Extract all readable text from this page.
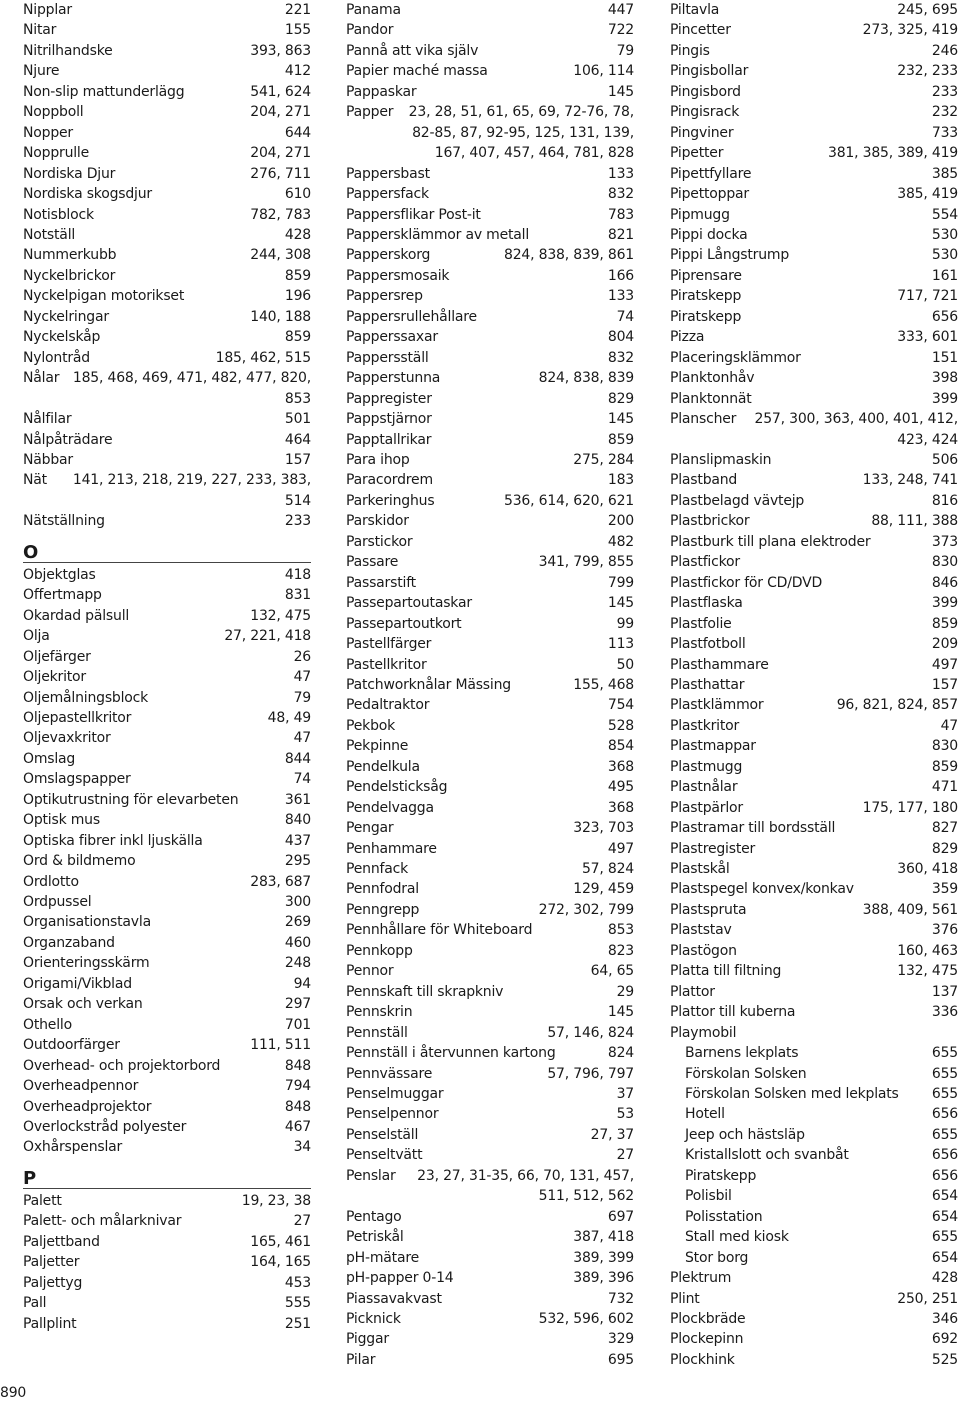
Nipplar	221
Nitar	155
Nitrilhandske	393, 863
Njure	412
Non-slip mattunderlägg	541, 624
Noppboll	204, 271
Nopper	644
Nopprulle	204, 271
Nordiska Djur	276, 711
Nordiska skogsdjur	610
Notisblock	782, 783
Notställ	428
Nummerkubb	244, 308
Nyckelbrickor	859
Nyckelpigan motorikset	196
Nyckelringar	140, 188
Nyckelskåp	859
Nylontråd	185, 462, 515
Nålar 185, 468, 469, 471, 482, 477, 820, 853
Nålfilar	501
Nålpåträdare	464
Näbbar	157
Nät	141, 213, 218, 219, 227, 233, 383, 514
Nätställning	233
O
Objektglas	418
Offertmapp	831
Okardad pälsull	132, 475
Olja	27, 221, 418
Oljefärger	26
Oljekritor	47
Oljemålningsblock	79
Oljepastellkritor	48, 49
Oljevaxkritor	47
Omslag	844
Omslagspapper	74
Optikutrustning för elevarbeten	361
Optisk mus	840
Optiska fibrer inkl ljuskälla	437
Ord & bildmemo	295
Ordlotto	283, 687
Ordpussel	300
Organisationstavla	269
Organzaband	460
Orienteringsskärm	248
Origami/Vikblad	94
Orsak och verkan	297
Othello	701
Outdoorfärger	111, 511
Overhead- och projektorbord	848
Overheadpennor	794
Overheadprojektor	848
Overlockstråd polyester	467
Oxhårspenslar	34
P
Palett	19, 23, 38
Palett- och målarknivar	27
Paljettband	165, 461
Paljetter	164, 165
Paljettyg	453
Pall	555
Pallplint	251
Panama	447
Pandor	722
Pannå att vika själv	79
Papier maché massa	106, 114
Pappaskar	145
Papper	23, 28, 51, 61, 65, 69, 72-76, 78, 82-85, 87, 92-95, 125, 131, 139, 167, 407, 457, 464, 781, 828
Pappersbast	133
Pappersfack	832
Pappersflikar Post-it	783
Pappersklämmor av metall	821
Papperskorg	824, 838, 839, 861
Pappersmosaik	166
Pappersrep	133
Pappersrullehållare	74
Papperssaxar	804
Pappersställ	832
Papperstunna	824, 838, 839
Pappregister	829
Pappstjärnor	145
Papptallrikar	859
Para ihop	275, 284
Paracordrem	183
Parkeringhus	536, 614, 620, 621
Parskidor	200
Parstickor	482
Passare	341, 799, 855
Passarstift	799
Passepartoutaskar	145
Passepartoutkort	99
Pastellfärger	113
Pastellkritor	50
Patchworknålar Mässing	155, 468
Pedaltraktor	754
Pekbok	528
Pekpinne	854
Pendelkula	368
Pendelsticksåg	495
Pendelvagga	368
Pengar	323, 703
Penhammare	497
Pennfack	57, 824
Pennfodral	129, 459
Penngrepp	272, 302, 799
Pennhållare för Whiteboard	853
Pennkopp	823
Pennor	64, 65
Pennskaft till skrapkniv	29
Pennskrin	145
Pennställ	57, 146, 824
Pennställ i återvunnen kartong	824
Pennvässare	57, 796, 797
Penselmuggar	37
Penselpennor	53
Penselställ	27, 37
Penseltvätt	27
Penslar	23, 27, 31-35, 66, 70, 131, 457, 511, 512, 562
Pentago	697
Petriskål	387, 418
pH-mätare	389, 399
pH-papper 0-14	389, 396
Piassavakvast	732
Picknick	532, 596, 602
Piggar	329
Pilar	695
Piltavla	245, 695
Pincetter	273, 325, 419
Pingis	246
Pingisbollar	232, 233
Pingisbord	233
Pingisrack	232
Pingviner	733
Pipetter	381, 385, 389, 419
Pipettfyllare	385
Pipettoppar	385, 419
Pipmugg	554
Pippi docka	530
Pippi Långstrump	530
Piprensare	161
Piratskepp	717, 721
Piratskepp	656
Pizza	333, 601
Placeringsklämmor	151
Planktonhåv	398
Planktonnät	399
Planscher	257, 300, 363, 400, 401, 412, 423, 424
Planslipmaskin	506
Plastband	133, 248, 741
Plastbelagd vävtejp	816
Plastbrickor	88, 111, 388
Plastburk till plana elektroder	373
Plastfickor	830
Plastfickor för CD/DVD	846
Plastflaska	399
Plastfolie	859
Plastfotboll	209
Plasthammare	497
Plasthattar	157
Plastklämmor	96, 821, 824, 857
Plastkritor	47
Plastmappar	830
Plastmugg	859
Plastnålar	471
Plastpärlor	175, 177, 180
Plastramar till bordsställ	827
Plastregister	829
Plastskål	360, 418
Plastspegel konvex/konkav	359
Plastspruta	388, 409, 561
Plaststav	376
Plastögon	160, 463
Platta till filtning	132, 475
Plattor	137
Plattor till kuberna	336
Playmobil
Barnens lekplats	655
Förskolan Solsken	655
Förskolan Solsken med lekplats 655
Hotell	656
Jeep och hästsläp	655
Kristallslott och svanbåt	656
Piratskepp	656
Polisbil	654
Polisstation	654
Stall med kiosk	655
Stor borg	654
Plektrum	428
Plint	250, 251
Plockbräde	346
Plockepinn	692
Plockhink	525
890
